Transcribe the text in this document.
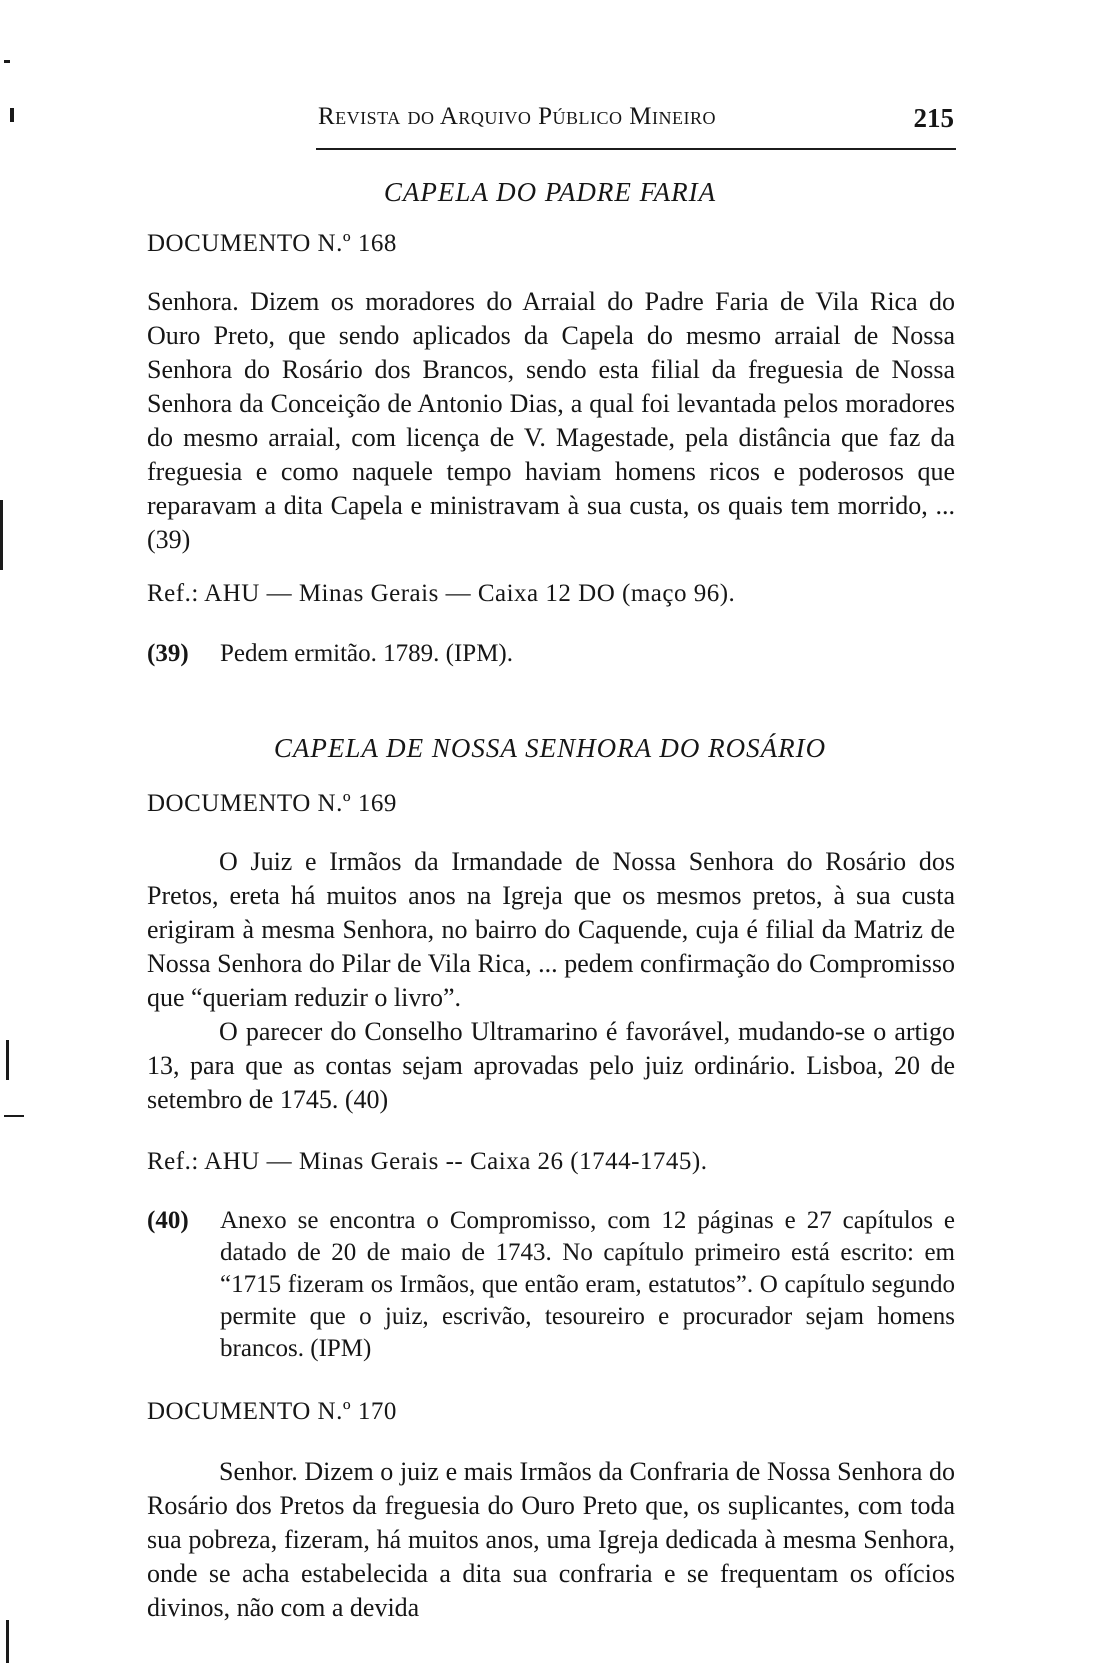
Revista do Arquivo Público Mineiro	215
CAPELA DO PADRE FARIA
DOCUMENTO N.º 168
Senhora. Dizem os moradores do Arraial do Padre Faria de Vila Rica do Ouro Preto, que sendo aplicados da Capela do mesmo arraial de Nossa Senhora do Rosário dos Brancos, sendo esta filial da freguesia de Nossa Senhora da Conceição de Antonio Dias, a qual foi levantada pelos moradores do mesmo arraial, com licença de V. Magestade, pela distância que faz da freguesia e como naquele tempo haviam homens ricos e poderosos que reparavam a dita Capela e ministravam à sua custa, os quais tem morrido, ... (39)
Ref.: AHU — Minas Gerais — Caixa 12 DO (maço 96).
(39) Pedem ermitão. 1789. (IPM).
CAPELA DE NOSSA SENHORA DO ROSÁRIO
DOCUMENTO N.º 169
O Juiz e Irmãos da Irmandade de Nossa Senhora do Rosário dos Pretos, ereta há muitos anos na Igreja que os mesmos pretos, à sua custa erigiram à mesma Senhora, no bairro do Caquende, cuja é filial da Matriz de Nossa Senhora do Pilar de Vila Rica, ... pedem confirmação do Compromisso que “queriam reduzir o livro”.
O parecer do Conselho Ultramarino é favorável, mudando-se o artigo 13, para que as contas sejam aprovadas pelo juiz ordinário. Lisboa, 20 de setembro de 1745. (40)
Ref.: AHU — Minas Gerais -- Caixa 26 (1744-1745).
(40) Anexo se encontra o Compromisso, com 12 páginas e 27 capítulos e datado de 20 de maio de 1743. No capítulo primeiro está escrito: em “1715 fizeram os Irmãos, que então eram, estatutos”. O capítulo segundo permite que o juiz, escrivão, tesoureiro e procurador sejam homens brancos. (IPM)
DOCUMENTO N.º 170
Senhor. Dizem o juiz e mais Irmãos da Confraria de Nossa Senhora do Rosário dos Pretos da freguesia do Ouro Preto que, os suplicantes, com toda sua pobreza, fizeram, há muitos anos, uma Igreja dedicada à mesma Senhora, onde se acha estabelecida a dita sua confraria e se frequentam os ofícios divinos, não com a devida
